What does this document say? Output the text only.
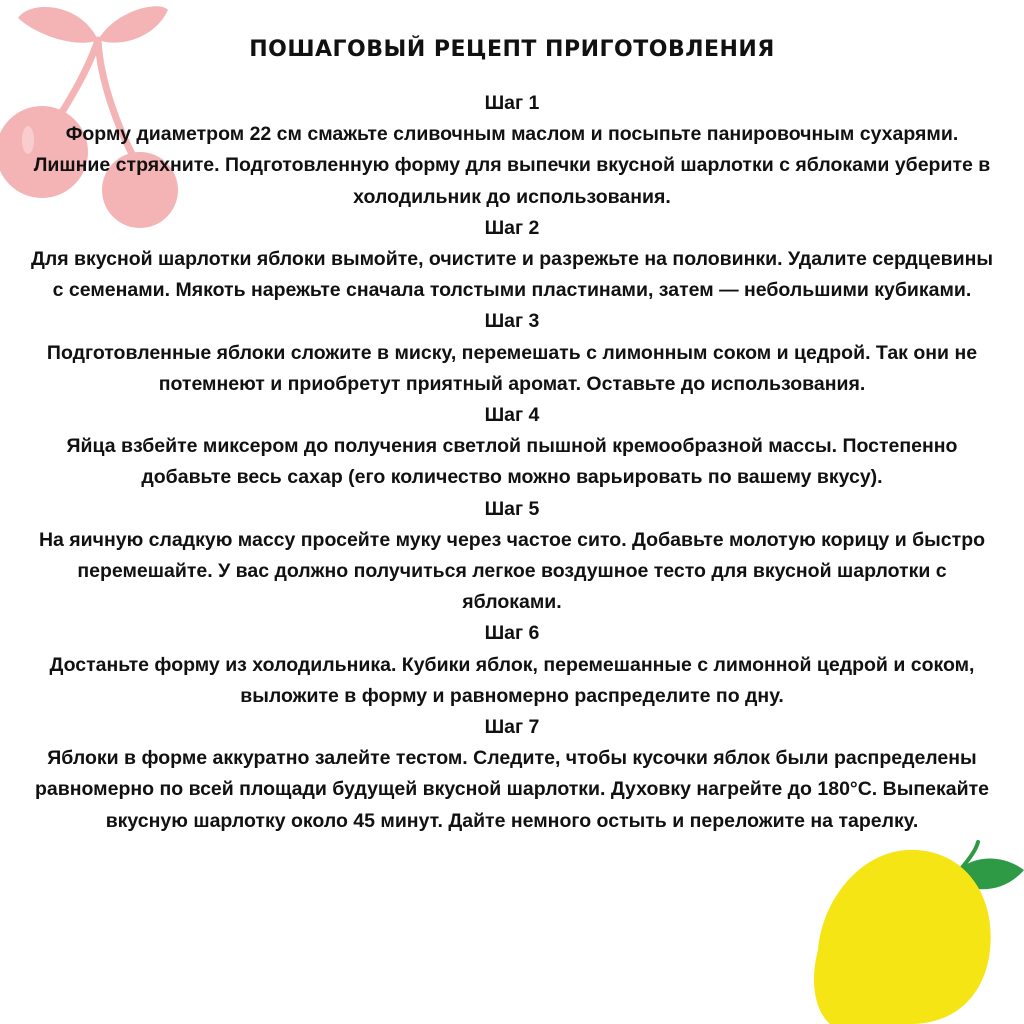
ПОШАГОВЫЙ РЕЦЕПТ ПРИГОТОВЛЕНИЯ

Шаг 1

Форму диаметром 22 см смажьте сливочным маслом и посыпьте панировочным сухарями. Лишние стряхните. Подготовленную форму для выпечки вкусной шарлотки с яблоками уберите в холодильник до использования.

Шаг 2

Для вкусной шарлотки яблоки вымойте, очистите и разрежьте на половинки. Удалите сердцевины с семенами. Мякоть нарежьте сначала толстыми пластинами, затем — небольшими кубиками.

Шаг 3

Подготовленные яблоки сложите в миску, перемешать с лимонным соком и цедрой. Так они не потемнеют и приобретут приятный аромат. Оставьте до использования.

Шаг 4

Яйца взбейте миксером до получения светлой пышной кремообразной массы. Постепенно добавьте весь сахар (его количество можно варьировать по вашему вкусу).

Шаг 5

На яичную сладкую массу просейте муку через частое сито. Добавьте молотую корицу и быстро перемешайте. У вас должно получиться легкое воздушное тесто для вкусной шарлотки с яблоками.

Шаг 6

Достаньте форму из холодильника. Кубики яблок, перемешанные с лимонной цедрой и соком, выложите в форму и равномерно распределите по дну.

Шаг 7

Яблоки в форме аккуратно залейте тестом. Следите, чтобы кусочки яблок были распределены равномерно по всей площади будущей вкусной шарлотки. Духовку нагрейте до 180°C. Выпекайте вкусную шарлотку около 45 минут. Дайте немного остыть и переложите на тарелку.
